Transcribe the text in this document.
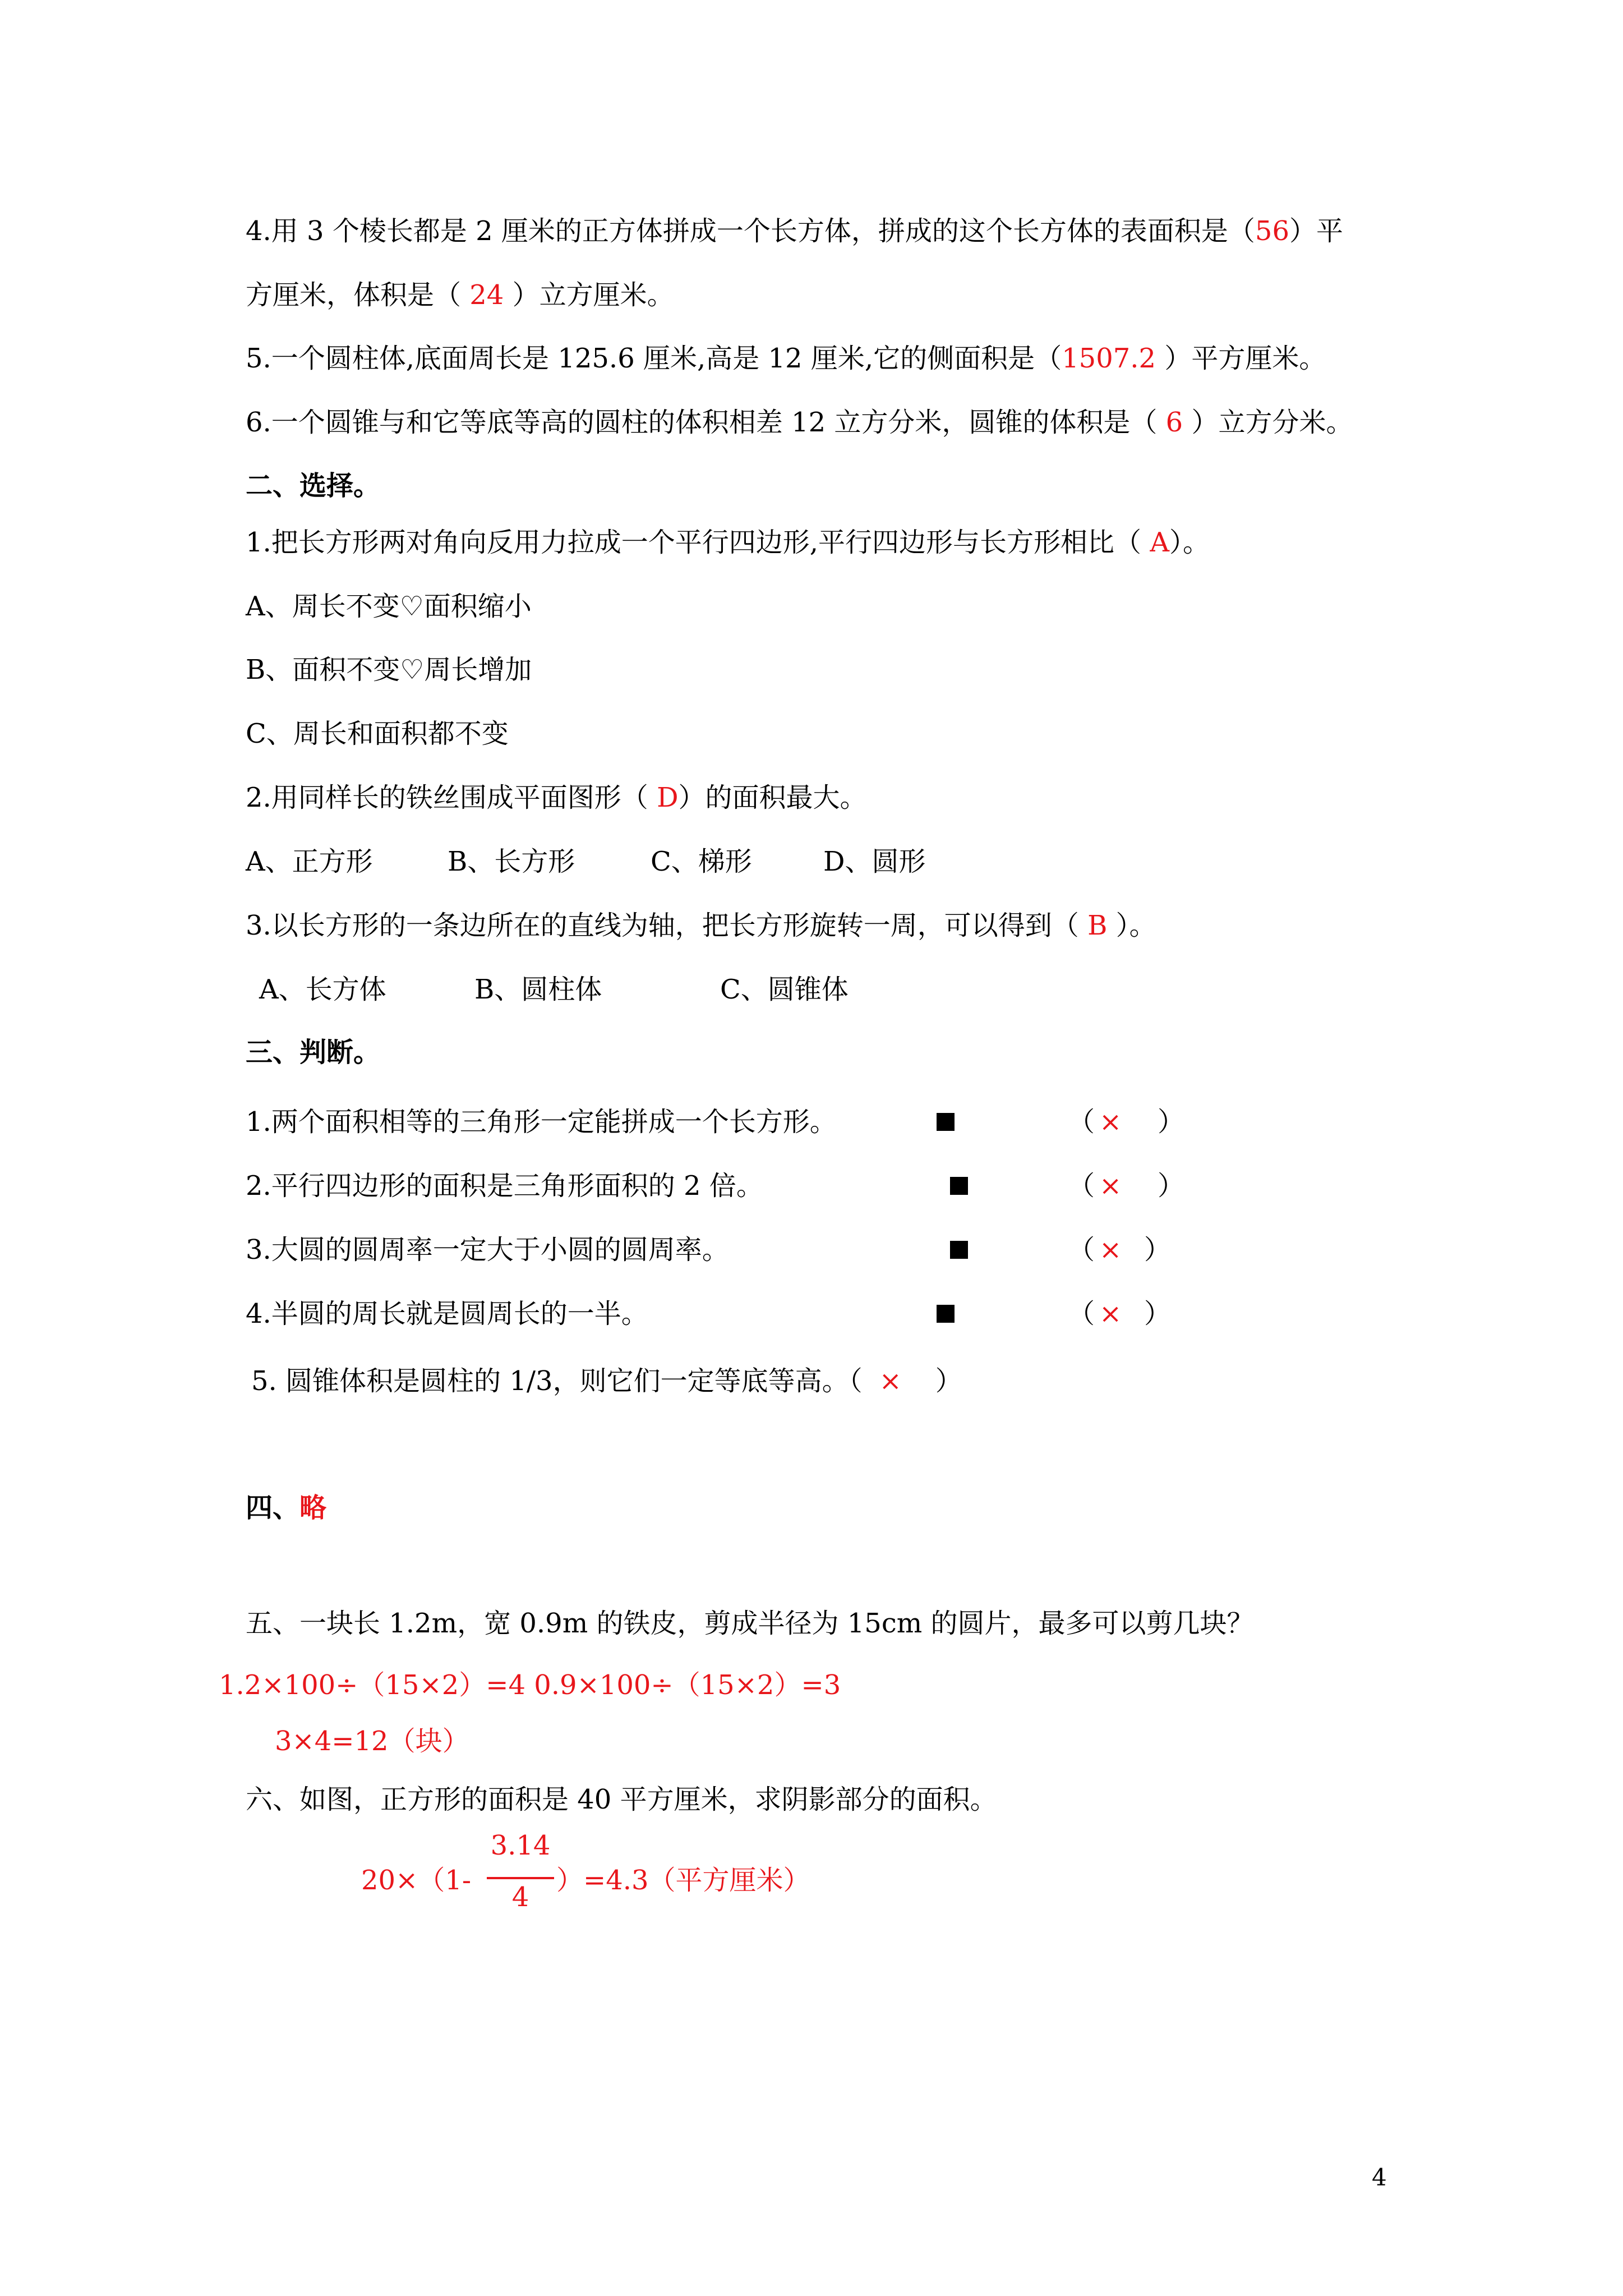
4.用 3 个棱长都是 2 厘米的正方体拼成一个长方体，拼成的这个长方体的表面积是（56）平
方厘米，体积是（ 24 ）立方厘米。
5.一个圆柱体,底面周长是 125.6 厘米,高是 12 厘米,它的侧面积是（1507.2 ）平方厘米。
6.一个圆锥与和它等底等高的圆柱的体积相差 12 立方分米，圆锥的体积是（ 6 ）立方分米。
二、选择。
1.把长方形两对角向反用力拉成一个平行四边形,平行四边形与长方形相比（ A）。
A、周长不变♡面积缩小
B、面积不变♡周长增加
C、周长和面积都不变
2.用同样长的铁丝围成平面图形（ D）的面积最大。
A、正方形	B、长方形	C、梯形	D、圆形
3.以长方形的一条边所在的直线为轴，把长方形旋转一周，可以得到（ B ）。
A、长方体	B、圆柱体	C、圆锥体
三、判断。
1.两个面积相等的三角形一定能拼成一个长方形。	（ × ）
2.平行四边形的面积是三角形面积的 2 倍。	（ × ）
3.大圆的圆周率一定大于小圆的圆周率。	（ × ）
4.半圆的周长就是圆周长的一半。	（ × ）
5. 圆锥体积是圆柱的 1/3，则它们一定等底等高。（ × ）
四、略
五、一块长 1.2m，宽 0.9m 的铁皮，剪成半径为 15cm 的圆片，最多可以剪几块？
1.2×100÷（15×2）=4 0.9×100÷（15×2）=3
3×4=12（块）
六、如图，正方形的面积是 40 平方厘米，求阴影部分的面积。
20×（1-
3.14
4
）=4.3（平方厘米）
4
